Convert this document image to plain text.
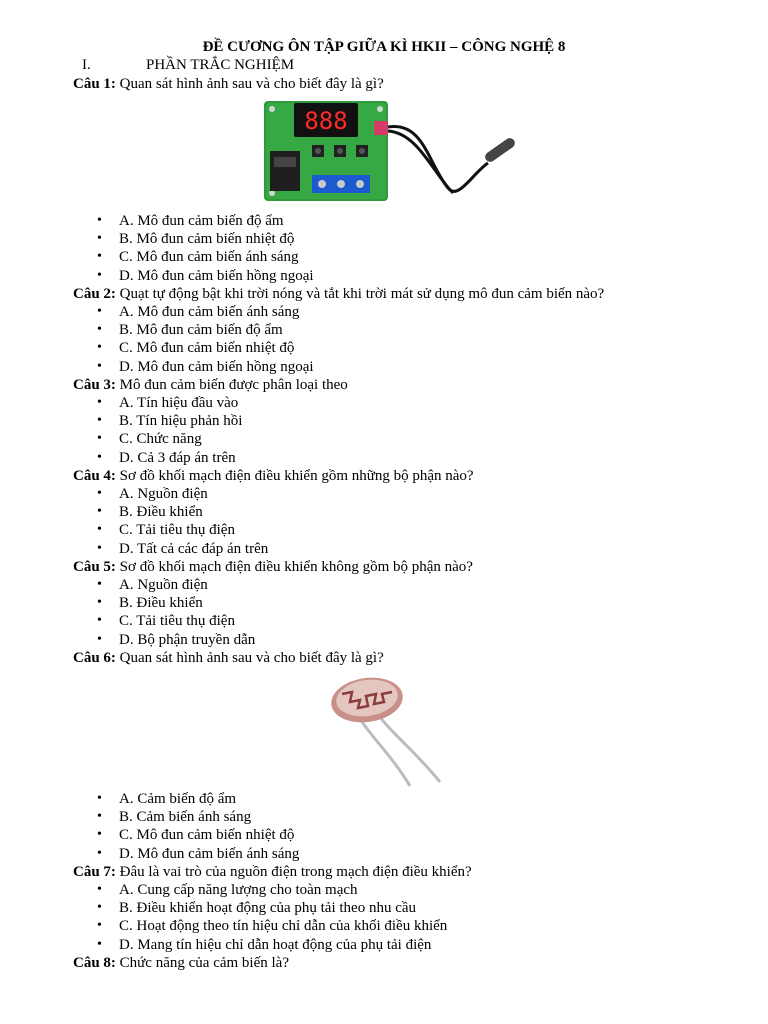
ĐỀ CƯƠNG ÔN TẬP GIỮA KÌ HKII – CÔNG NGHỆ 8
I.	PHẦN TRẮC NGHIỆM
Câu 1: Quan sát hình ảnh sau và cho biết đây là gì?
888
• A. Mô đun cảm biến độ ẩm
• B. Mô đun cảm biến nhiệt độ
• C. Mô đun cảm biến ánh sáng
• D. Mô đun cảm biến hồng ngoại
Câu 2: Quạt tự động bật khi trời nóng và tắt khi trời mát sử dụng mô đun cảm biến nào?
• A. Mô đun cảm biến ánh sáng
• B. Mô đun cảm biến độ ẩm
• C. Mô đun cảm biến nhiệt độ
• D. Mô đun cảm biến hồng ngoại
Câu 3: Mô đun cảm biến được phân loại theo
• A. Tín hiệu đầu vào
• B. Tín hiệu phản hồi
• C. Chức năng
• D. Cả 3 đáp án trên
Câu 4: Sơ đồ khối mạch điện điều khiển gồm những bộ phận nào?
• A. Nguồn điện
• B. Điều khiển
• C. Tải tiêu thụ điện
• D. Tất cả các đáp án trên
Câu 5: Sơ đồ khối mạch điện điều khiển không gồm bộ phận nào?
• A. Nguồn điện
• B. Điều khiển
• C. Tải tiêu thụ điện
• D. Bộ phận truyền dẫn
Câu 6: Quan sát hình ảnh sau và cho biết đây là gì?
• A. Cảm biến độ ẩm
• B. Cảm biến ánh sáng
• C. Mô đun cảm biến nhiệt độ
• D. Mô đun cảm biến ánh sáng
Câu 7: Đâu là vai trò của nguồn điện trong mạch điện điều khiển?
• A. Cung cấp năng lượng cho toàn mạch
• B. Điều khiển hoạt động của phụ tải theo nhu cầu
• C. Hoạt động theo tín hiệu chỉ dẫn của khối điều khiển
• D. Mang tín hiệu chỉ dẫn hoạt động của phụ tải điện
Câu 8: Chức năng của cảm biến là?
